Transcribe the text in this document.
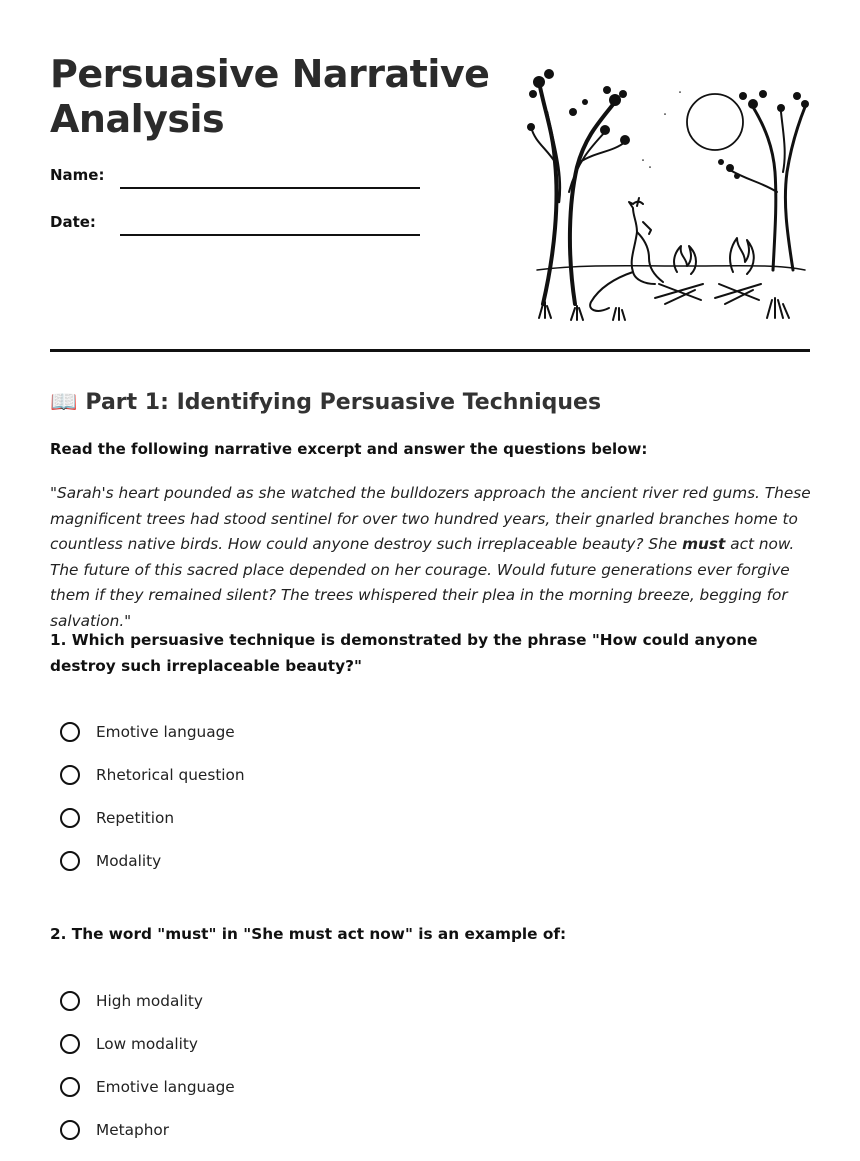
Persuasive Narrative Analysis
Name:
Date:
📖 Part 1: Identifying Persuasive Techniques
Read the following narrative excerpt and answer the questions below:

"Sarah's heart pounded as she watched the bulldozers approach the ancient river red gums. These magnificent trees had stood sentinel for over two hundred years, their gnarled branches home to countless native birds. How could anyone destroy such irreplaceable beauty? She must act now. The future of this sacred place depended on her courage. Would future generations ever forgive them if they remained silent? The trees whispered their plea in the morning breeze, begging for salvation."

1. Which persuasive technique is demonstrated by the phrase "How could anyone destroy such irreplaceable beauty?"

Emotive language
Rhetorical question
Repetition
Modality

2. The word "must" in "She must act now" is an example of:

High modality
Low modality
Emotive language
Metaphor
